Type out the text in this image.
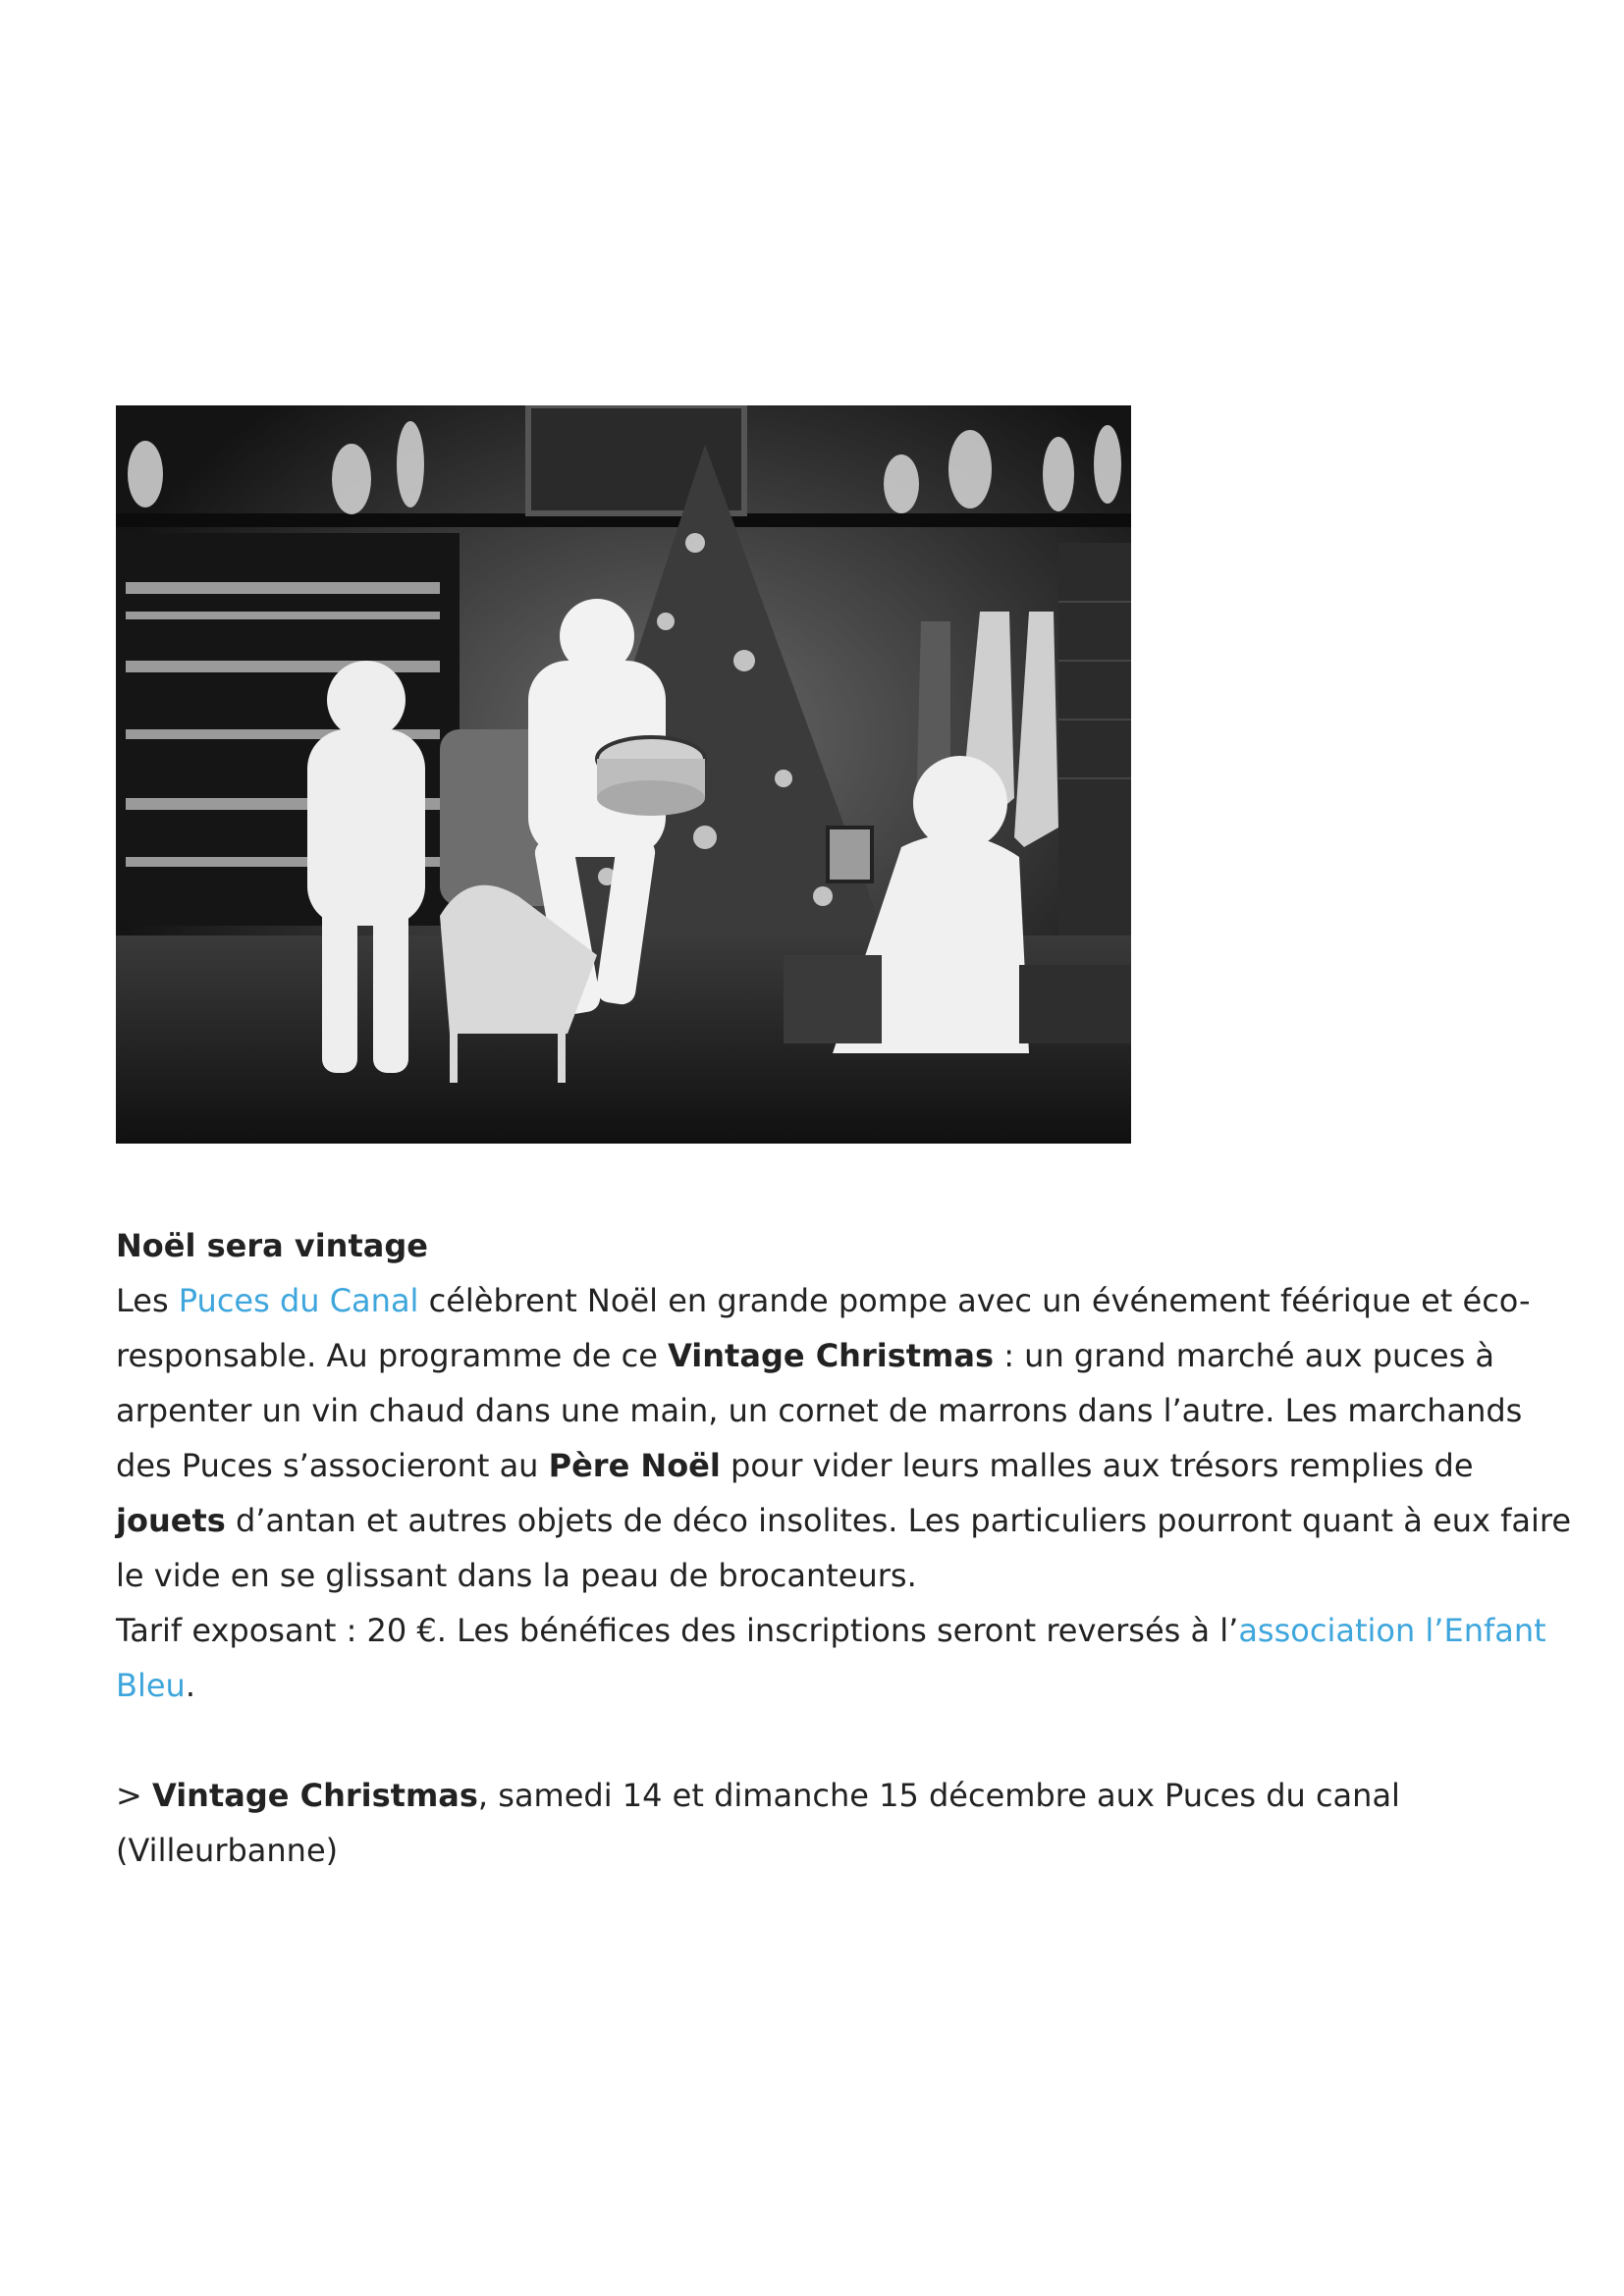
Noël sera vintage

Les Puces du Canal célèbrent Noël en grande pompe avec un événement féérique et éco-responsable. Au programme de ce Vintage Christmas : un grand marché aux puces à arpenter un vin chaud dans une main, un cornet de marrons dans l’autre. Les marchands des Puces s’associeront au Père Noël pour vider leurs malles aux trésors remplies de jouets d’antan et autres objets de déco insolites. Les particuliers pourront quant à eux faire le vide en se glissant dans la peau de brocanteurs.

Tarif exposant : 20 €. Les bénéfices des inscriptions seront reversés à l’association l’Enfant Bleu.

> Vintage Christmas, samedi 14 et dimanche 15 décembre aux Puces du canal (Villeurbanne)
